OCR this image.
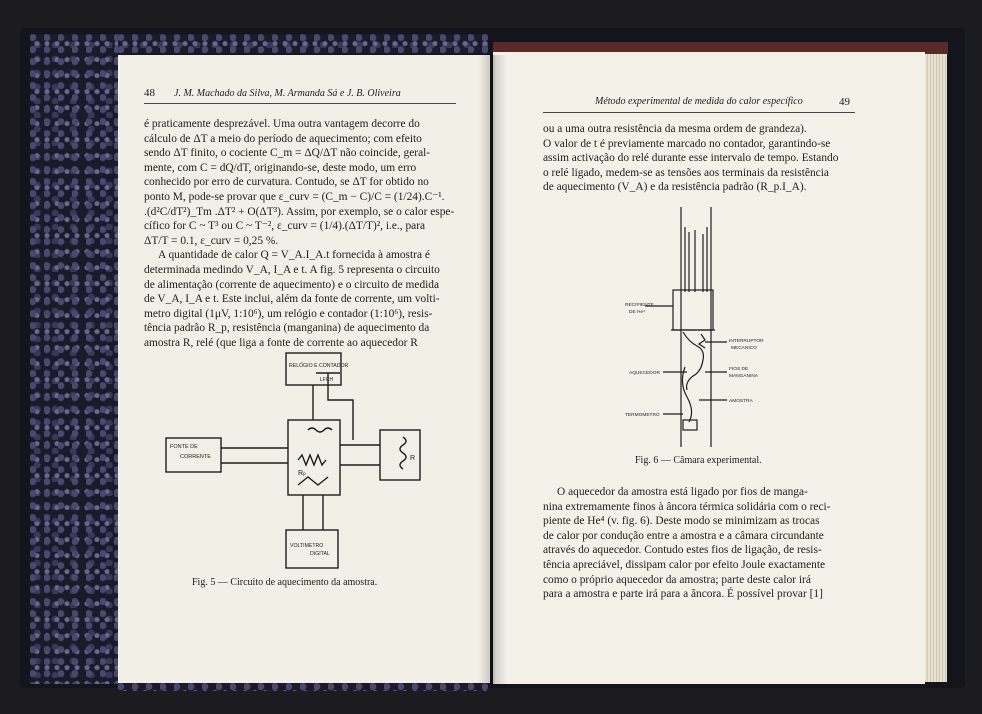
48 J. M. Machado da Silva, M. Armanda Sá e J. B. Oliveira
é praticamente desprezável. Uma outra vantagem decorre do
cálculo de ΔT a meio do período de aquecimento; com efeito
sendo ΔT finito, o cociente C_m = ΔQ/ΔT não coincide, geral-
mente, com C = dQ/dT, originando-se, deste modo, um erro
conhecido por erro de curvatura. Contudo, se ΔT for obtido no
ponto M, pode-se provar que ε_curv = (C_m − C)/C = (1/24).C⁻¹.
.(d²C/dT²)_Tm .ΔT² + O(ΔT³). Assim, por exemplo, se o calor espe-
cífico for C ~ T³ ou C ~ T⁻², ε_curv = (1/4).(ΔT/T)², i.e., para
ΔT/T = 0.1, ε_curv = 0,25 %.
A quantidade de calor Q = V_A.I_A.t fornecida à amostra é
determinada medindo V_A, I_A e t. A fig. 5 representa o circuito
de alimentação (corrente de aquecimento) e o circuito de medida
de V_A, I_A e t. Este inclui, além da fonte de corrente, um volti-
metro digital (1μV, 1:10⁶), um relógio e contador (1:10⁶), resis-
tência padrão R_p, resistência (manganina) de aquecimento da
amostra R, relé (que liga a fonte de corrente ao aquecedor R
RELÓGIO E CONTADOR
LFCH
FONTE DE
CORRENTE
Rₚ
R
VOLTIMETRO
DIGITAL
Fig. 5 — Circuito de aquecimento da amostra.
Método experimental de medida do calor específico	49
ou a uma outra resistência da mesma ordem de grandeza).
O valor de t é previamente marcado no contador, garantindo-se
assim activação do relé durante esse intervalo de tempo. Estando
o relé ligado, medem-se as tensões aos terminais da resistência
de aquecimento (V_A) e da resistência padrão (R_p.I_A).
RECIPIENTE
DE He⁴
INTERRUPTOR
MECANICO
AQUECEDOR
FIOS DE
MANGANINA
AMOSTRA
TERMOMETRO
Fig. 6 — Câmara experimental.
O aquecedor da amostra está ligado por fios de manga-
nina extremamente finos à âncora térmica solidária com o reci-
piente de He⁴ (v. fig. 6). Deste modo se minimizam as trocas
de calor por condução entre a amostra e a câmara circundante
através do aquecedor. Contudo estes fios de ligação, de resis-
tência apreciável, dissipam calor por efeito Joule exactamente
como o próprio aquecedor da amostra; parte deste calor irá
para a amostra e parte irá para a âncora. É possível provar [1]
